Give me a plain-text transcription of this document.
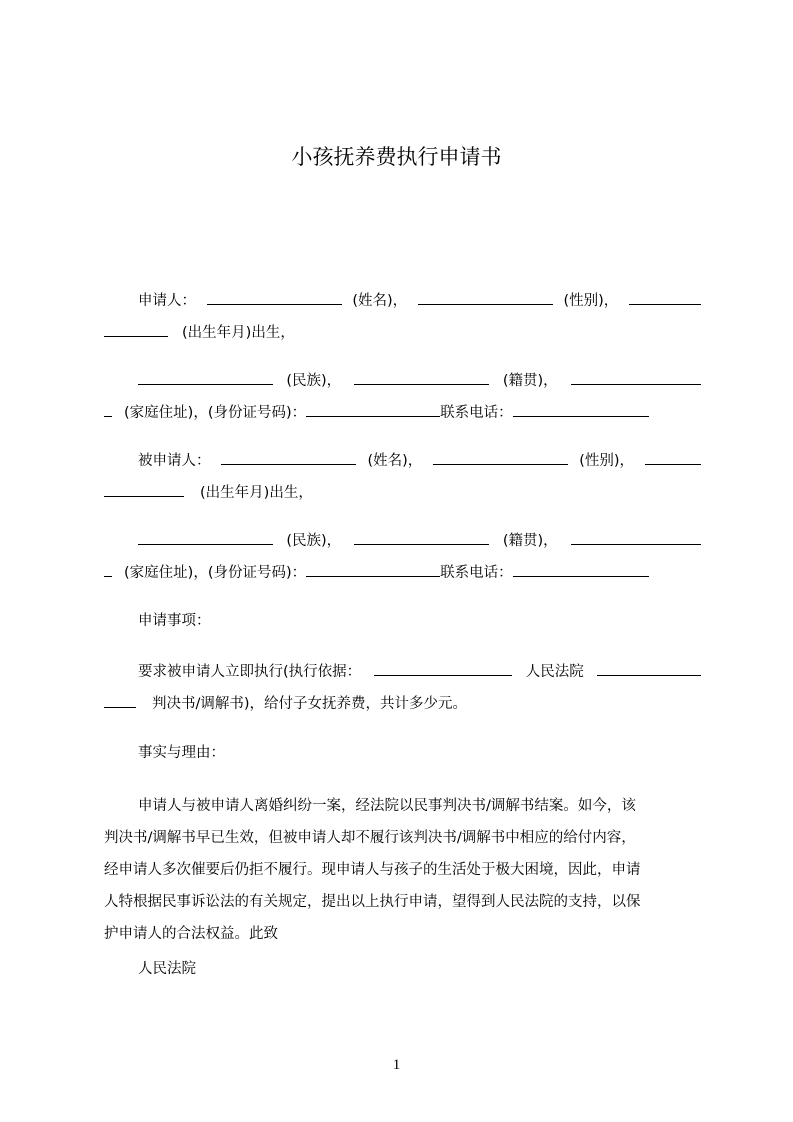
小孩抚养费执行申请书
申请人：	(姓名)，	(性别)，
(出生年月)出生，
(民族)，	(籍贯)，
(家庭住址)，(身份证号码)：	联系电话：
被申请人：	(姓名)，	(性别)，
(出生年月)出生，
(民族)，	(籍贯)，
(家庭住址)，(身份证号码)：	联系电话：
申请事项：
要求被申请人立即执行(执行依据：	人民法院
判决书/调解书)，给付子女抚养费，共计多少元。
事实与理由：
申请人与被申请人离婚纠纷一案，经法院以民事判决书/调解书结案。如今，该
判决书/调解书早已生效，但被申请人却不履行该判决书/调解书中相应的给付内容，
经申请人多次催要后仍拒不履行。现申请人与孩子的生活处于极大困境，因此，申请
人特根据民事诉讼法的有关规定，提出以上执行申请，望得到人民法院的支持，以保
护申请人的合法权益。此致
人民法院
1
